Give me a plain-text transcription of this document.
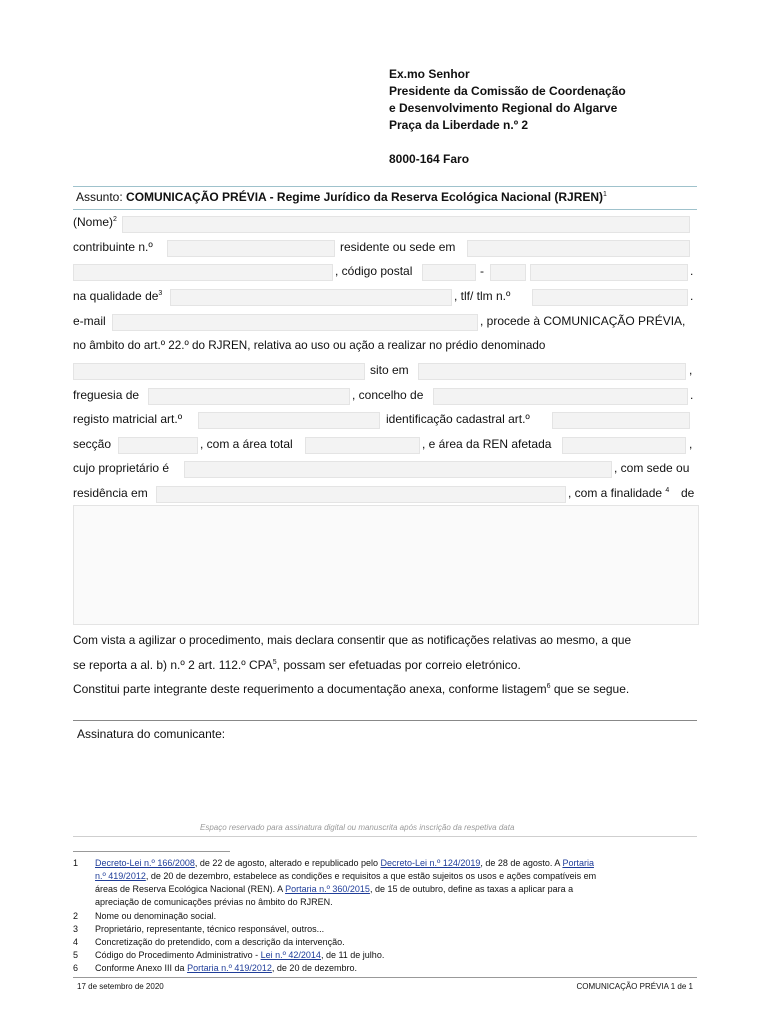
Ex.mo Senhor
Presidente da Comissão de Coordenação
e Desenvolvimento Regional do Algarve
Praça da Liberdade n.º 2
8000-164 Faro
Assunto: COMUNICAÇÃO PRÉVIA - Regime Jurídico da Reserva Ecológica Nacional (RJREN)$^1$
(Nome)$^2$
contribuinte n.º	residente ou sede em
, código postal	-	.
na qualidade $de^3$	, tlf/ tlm n.º	.
e-mail	, procede à COMUNICAÇÃO PRÉVIA,
no âmbito do art.º 22.º do RJREN, relativa ao uso ou ação a realizar no prédio denominado
sito em	,
freguesia de	, concelho de	.
registo matricial art.º	identificação cadastral art.º
secção	, com a área total	, e área da REN afetada	,
cujo proprietário é	, com sede ou
residência em	, com a finalidade $^4$ de
Com vista a agilizar o procedimento, mais declara consentir que as notificações relativas ao mesmo, a que
se reporta a al. b) n.º 2 art. 112.º CPA$^5$, possam ser efetuadas por correio eletrónico.
Constitui parte integrante deste requerimento a documentação anexa, conforme listagem$^6$ que se segue.
Assinatura do comunicante:
Espaço reservado para assinatura digital ou manuscrita após inscrição da respetiva data
1 Decreto-Lei n.º 166/2008, de 22 de agosto, alterado e republicado pelo Decreto-Lei n.º 124/2019, de 28 de agosto. A Portaria
n.º 419/2012, de 20 de dezembro, estabelece as condições e requisitos a que estão sujeitos os usos e ações compatíveis em
áreas de Reserva Ecológica Nacional (REN). A Portaria n.º 360/2015, de 15 de outubro, define as taxas a aplicar para a
apreciação de comunicações prévias no âmbito do RJREN.
2 Nome ou denominação social.
3 Proprietário, representante, técnico responsável, outros...
4 Concretização do pretendido, com a descrição da intervenção.
5 Código do Procedimento Administrativo - Lei n.º 42/2014, de 11 de julho.
6 Conforme Anexo III da Portaria n.º 419/2012, de 20 de dezembro.
17 de setembro de 2020	COMUNICAÇÃO PRÉVIA 1 de 1
